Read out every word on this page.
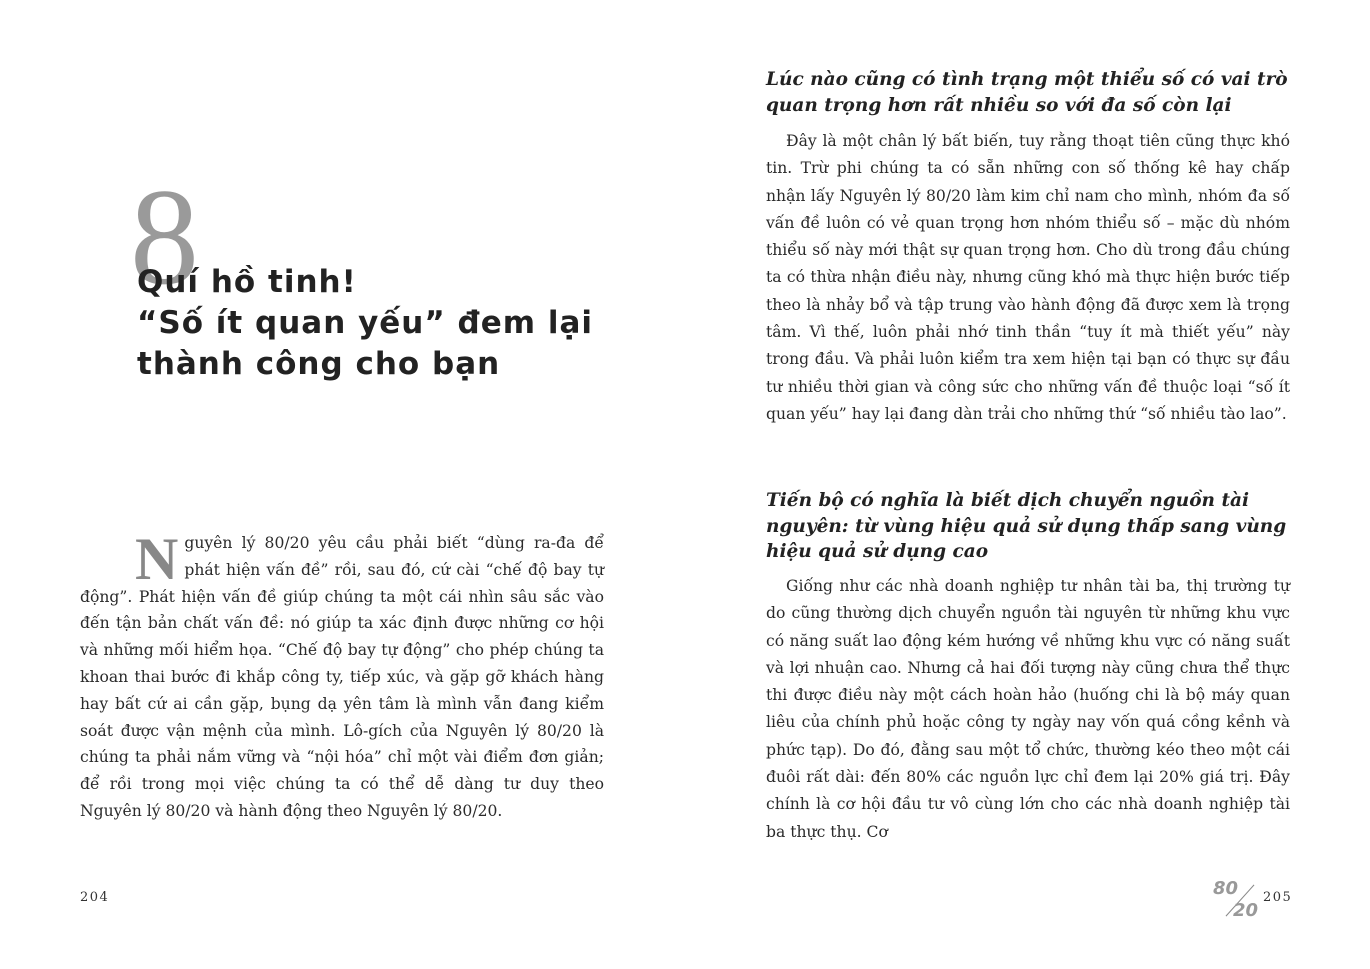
8
Quí hồ tinh!
“Số ít quan yếu” đem lại
thành công cho bạn

N guyên lý 80/20 yêu cầu phải biết “dùng ra-đa để phát hiện vấn đề” rồi, sau đó, cứ cài “chế độ bay tự động”. Phát hiện vấn đề giúp chúng ta một cái nhìn sâu sắc vào đến tận bản chất vấn đề: nó giúp ta xác định được những cơ hội và những mối hiểm họa. “Chế độ bay tự động” cho phép chúng ta khoan thai bước đi khắp công ty, tiếp xúc, và gặp gỡ khách hàng hay bất cứ ai cần gặp, bụng dạ yên tâm là mình vẫn đang kiểm soát được vận mệnh của mình. Lô-gích của Nguyên lý 80/20 là chúng ta phải nắm vững và “nội hóa” chỉ một vài điểm đơn giản; để rồi trong mọi việc chúng ta có thể dễ dàng tư duy theo Nguyên lý 80/20 và hành động theo Nguyên lý 80/20.

204
Lúc nào cũng có tình trạng một thiểu số có vai trò
quan trọng hơn rất nhiều so với đa số còn lại

Đây là một chân lý bất biến, tuy rằng thoạt tiên cũng thực khó tin. Trừ phi chúng ta có sẵn những con số thống kê hay chấp nhận lấy Nguyên lý 80/20 làm kim chỉ nam cho mình, nhóm đa số vấn đề luôn có vẻ quan trọng hơn nhóm thiểu số – mặc dù nhóm thiểu số này mới thật sự quan trọng hơn. Cho dù trong đầu chúng ta có thừa nhận điều này, nhưng cũng khó mà thực hiện bước tiếp theo là nhảy bổ và tập trung vào hành động đã được xem là trọng tâm. Vì thế, luôn phải nhớ tinh thần “tuy ít mà thiết yếu” này trong đầu. Và phải luôn kiểm tra xem hiện tại bạn có thực sự đầu tư nhiều thời gian và công sức cho những vấn đề thuộc loại “số ít quan yếu” hay lại đang dàn trải cho những thứ “số nhiều tào lao”.

Tiến bộ có nghĩa là biết dịch chuyển nguồn tài
nguyên: từ vùng hiệu quả sử dụng thấp sang vùng
hiệu quả sử dụng cao

Giống như các nhà doanh nghiệp tư nhân tài ba, thị trường tự do cũng thường dịch chuyển nguồn tài nguyên từ những khu vực có năng suất lao động kém hướng về những khu vực có năng suất và lợi nhuận cao. Nhưng cả hai đối tượng này cũng chưa thể thực thi được điều này một cách hoàn hảo (huống chi là bộ máy quan liêu của chính phủ hoặc công ty ngày nay vốn quá cồng kềnh và phức tạp). Do đó, đằng sau một tổ chức, thường kéo theo một cái đuôi rất dài: đến 80% các nguồn lực chỉ đem lại 20% giá trị. Đây chính là cơ hội đầu tư vô cùng lớn cho các nhà doanh nghiệp tài ba thực thụ. Cơ

80
20
205
